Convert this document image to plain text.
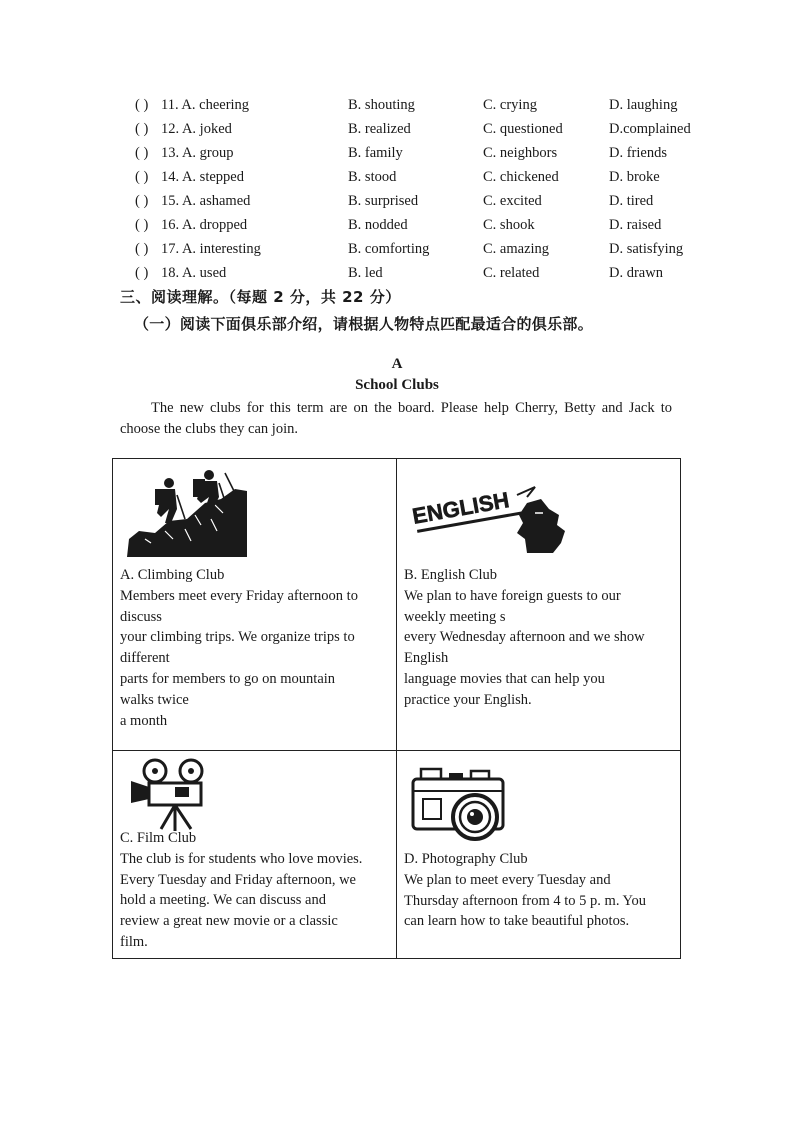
( ) 11. A. cheering	B. shouting	C. crying	D. laughing
( ) 12. A. joked	B. realized	C. questioned	D.complained
( ) 13. A. group	B. family	C. neighbors	D. friends
( ) 14. A. stepped	B. stood	C. chickened	D. broke
( ) 15. A. ashamed	B. surprised	C. excited	D. tired
( ) 16. A. dropped	B. nodded	C. shook	D. raised
( ) 17. A. interesting	B. comforting	C. amazing	D. satisfying
( ) 18. A. used	B. led	C. related	D. drawn
三、阅读理解。（每题 2 分，共 22 分）
（一）阅读下面俱乐部介绍，请根据人物特点匹配最适合的俱乐部。
A
School Clubs
The new clubs for this term are on the board. Please help Cherry, Betty and Jack to choose the clubs they can join.
A. Climbing Club
Members meet every Friday afternoon to
discuss
your climbing trips. We organize trips to
different
parts for members to go on mountain
walks twice
a month
ENGLISH
B. English Club
We plan to have foreign guests to our
weekly meeting s
every Wednesday afternoon and we show
English
language movies that can help you
practice your English.
C. Film Club
The club is for students who love movies.
Every Tuesday and Friday afternoon, we
hold a meeting. We can discuss and
review a great new movie or a classic
film.
D. Photography Club
We plan to meet every Tuesday and
Thursday afternoon from 4 to 5 p. m. You
can learn how to take beautiful photos.
